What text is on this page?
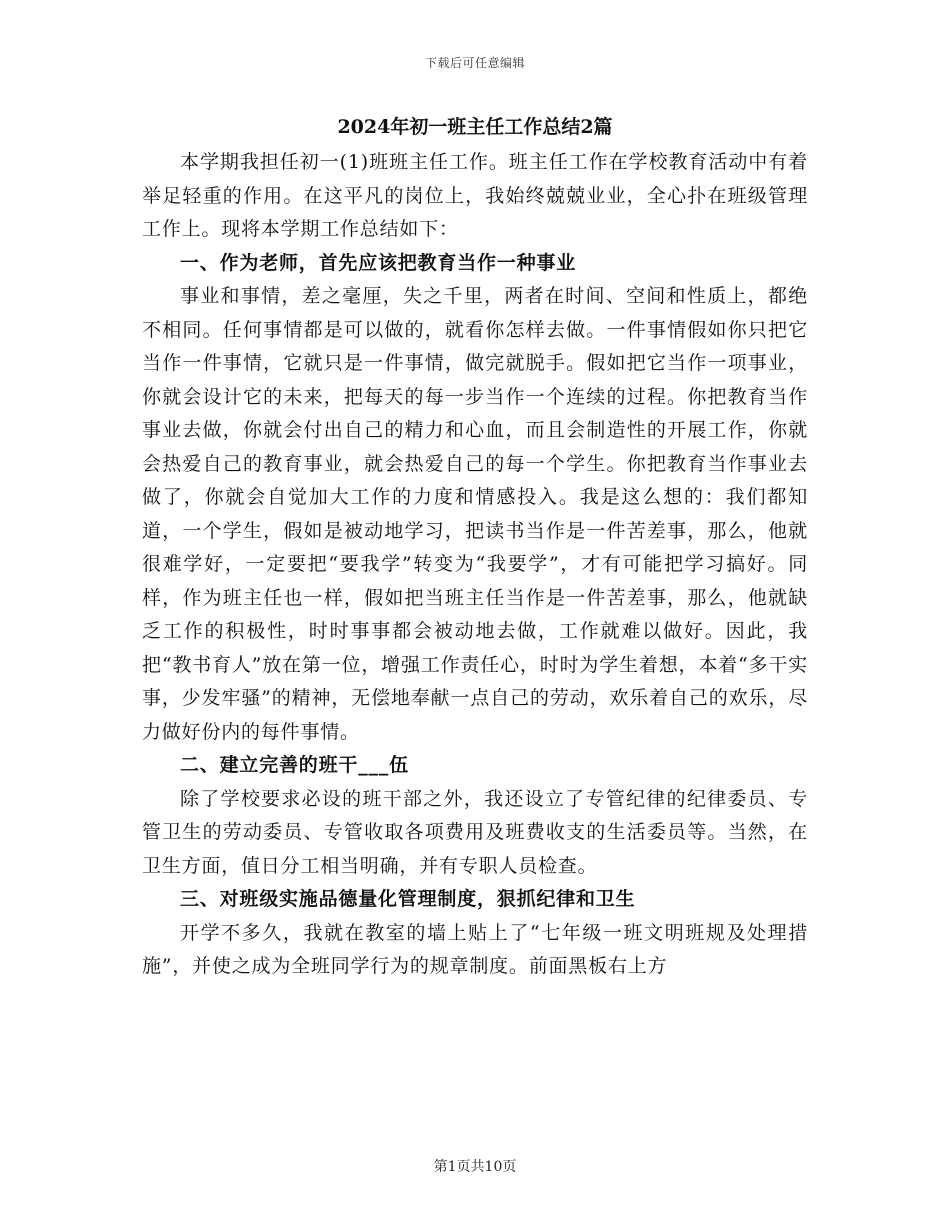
下载后可任意编辑
2024年初一班主任工作总结2篇

本学期我担任初一(1)班班主任工作。班主任工作在学校教育活动中有着举足轻重的作用。在这平凡的岗位上，我始终兢兢业业，全心扑在班级管理工作上。现将本学期工作总结如下：

一、作为老师，首先应该把教育当作一种事业

事业和事情，差之毫厘，失之千里，两者在时间、空间和性质上，都绝不相同。任何事情都是可以做的，就看你怎样去做。一件事情假如你只把它当作一件事情，它就只是一件事情，做完就脱手。假如把它当作一项事业，你就会设计它的未来，把每天的每一步当作一个连续的过程。你把教育当作事业去做，你就会付出自己的精力和心血，而且会制造性的开展工作，你就会热爱自己的教育事业，就会热爱自己的每一个学生。你把教育当作事业去做了，你就会自觉加大工作的力度和情感投入。我是这么想的：我们都知道，一个学生，假如是被动地学习，把读书当作是一件苦差事，那么，他就很难学好，一定要把“要我学”转变为“我要学”，才有可能把学习搞好。同样，作为班主任也一样，假如把当班主任当作是一件苦差事，那么，他就缺乏工作的积极性，时时事事都会被动地去做，工作就难以做好。因此，我把“教书育人”放在第一位，增强工作责任心，时时为学生着想，本着“多干实事，少发牢骚”的精神，无偿地奉献一点自己的劳动，欢乐着自己的欢乐，尽力做好份内的每件事情。

二、建立完善的班干___伍

除了学校要求必设的班干部之外，我还设立了专管纪律的纪律委员、专管卫生的劳动委员、专管收取各项费用及班费收支的生活委员等。当然，在卫生方面，值日分工相当明确，并有专职人员检查。

三、对班级实施品德量化管理制度，狠抓纪律和卫生

开学不多久，我就在教室的墙上贴上了“七年级一班文明班规及处理措施”，并使之成为全班同学行为的规章制度。前面黑板右上方

第1页共10页
